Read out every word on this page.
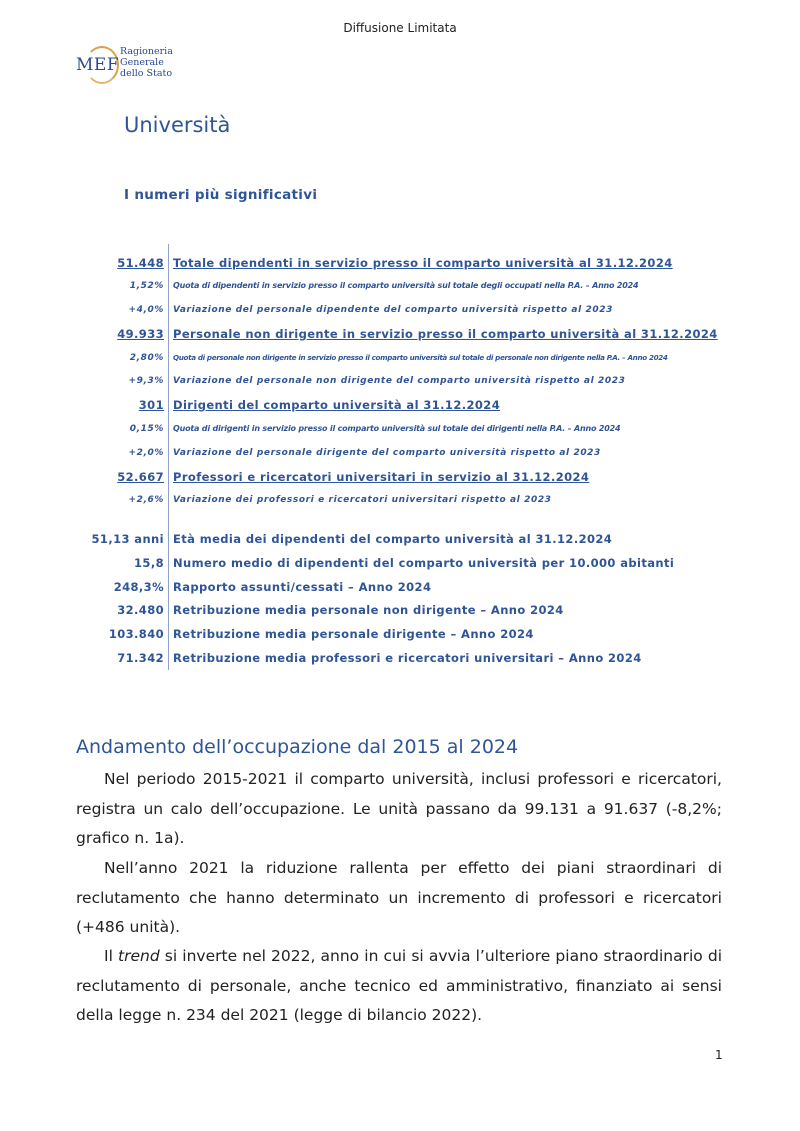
Diffusione Limitata
MEF
Ragioneria
Generale
dello Stato
Università
I numeri più significativi
51.448 Totale dipendenti in servizio presso il comparto università al 31.12.2024
1,52% Quota di dipendenti in servizio presso il comparto università sul totale degli occupati nella P.A. – Anno 2024
+4,0% Variazione del personale dipendente del comparto università rispetto al 2023
49.933 Personale non dirigente in servizio presso il comparto università al 31.12.2024
2,80% Quota di personale non dirigente in servizio presso il comparto università sul totale di personale non dirigente nella P.A. – Anno 2024
+9,3% Variazione del personale non dirigente del comparto università rispetto al 2023
301 Dirigenti del comparto università al 31.12.2024
0,15% Quota di dirigenti in servizio presso il comparto università sul totale dei dirigenti nella P.A. – Anno 2024
+2,0% Variazione del personale dirigente del comparto università rispetto al 2023
52.667 Professori e ricercatori universitari in servizio al 31.12.2024
+2,6% Variazione dei professori e ricercatori universitari rispetto al 2023
51,13 anni Età media dei dipendenti del comparto università al 31.12.2024
15,8 Numero medio di dipendenti del comparto università per 10.000 abitanti
248,3% Rapporto assunti/cessati – Anno 2024
32.480 Retribuzione media personale non dirigente – Anno 2024
103.840 Retribuzione media personale dirigente – Anno 2024
71.342 Retribuzione media professori e ricercatori universitari – Anno 2024
Andamento dell’occupazione dal 2015 al 2024

Nel periodo 2015-2021 il comparto università, inclusi professori e ricercatori, registra un calo dell’occupazione. Le unità passano da 99.131 a 91.637 (-8,2%; grafico n. 1a).

Nell’anno 2021 la riduzione rallenta per effetto dei piani straordinari di reclutamento che hanno determinato un incremento di professori e ricercatori (+486 unità).

Il trend si inverte nel 2022, anno in cui si avvia l’ulteriore piano straordinario di reclutamento di personale, anche tecnico ed amministrativo, finanziato ai sensi della legge n. 234 del 2021 (legge di bilancio 2022).

1
